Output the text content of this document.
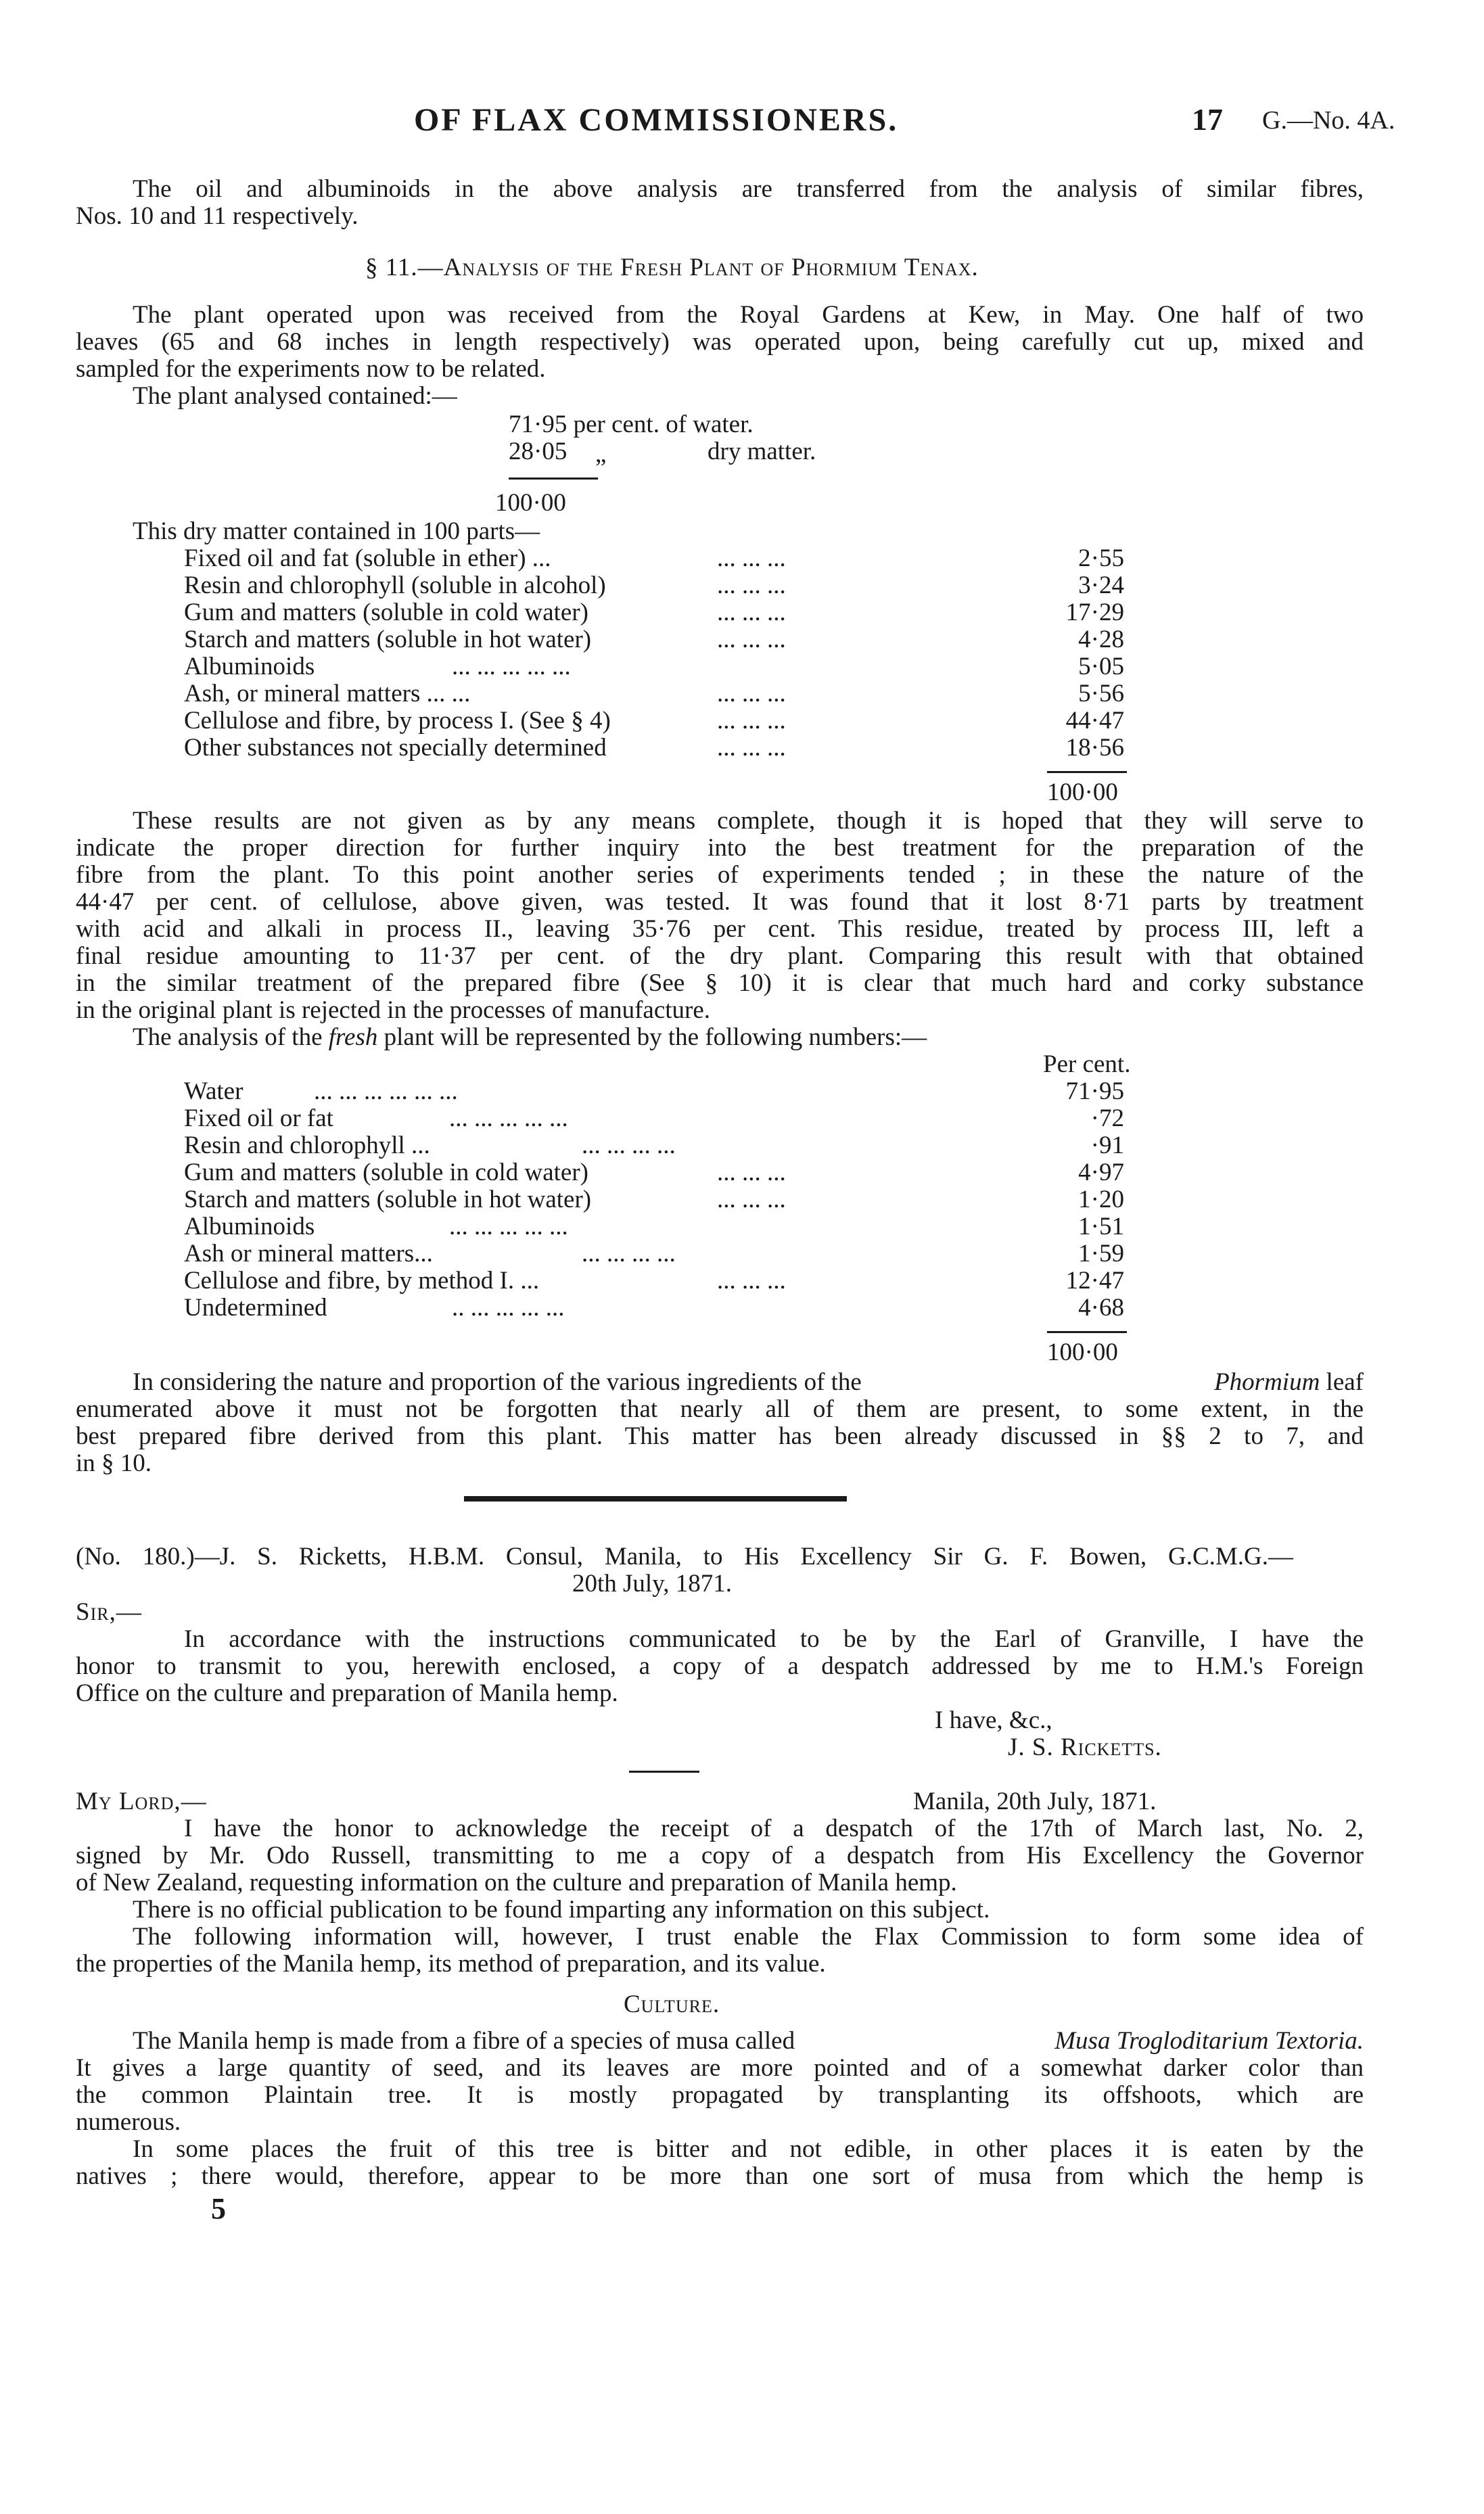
OF FLAX COMMISSIONERS.	17 G.—No. 4A.
The oil and albuminoids in the above analysis are transferred from the analysis of similar fibres,
Nos. 10 and 11 respectively.
§ 11.—Analysis of the Fresh Plant of Phormium Tenax.
The plant operated upon was received from the Royal Gardens at Kew, in May. One half of two
leaves (65 and 68 inches in length respectively) was operated upon, being carefully cut up, mixed and
sampled for the experiments now to be related.
The plant analysed contained:—
71·95 per cent. of water.
28·05 „	dry matter.
100·00
This dry matter contained in 100 parts—
Fixed oil and fat (soluble in ether) ...	... ... ...	2·55
Resin and chlorophyll (soluble in alcohol)	... ... ...	3·24
Gum and matters (soluble in cold water)	... ... ...	17·29
Starch and matters (soluble in hot water)	... ... ...	4·28
Albuminoids	... ... ... ... ...	5·05
Ash, or mineral matters ... ...	... ... ...	5·56
Cellulose and fibre, by process I. (See § 4)	... ... ...	44·47
Other substances not specially determined	... ... ...	18·56
100·00
These results are not given as by any means complete, though it is hoped that they will serve to
indicate the proper direction for further inquiry into the best treatment for the preparation of the
fibre from the plant. To this point another series of experiments tended ; in these the nature of the
44·47 per cent. of cellulose, above given, was tested. It was found that it lost 8·71 parts by treatment
with acid and alkali in process II., leaving 35·76 per cent. This residue, treated by process III, left a
final residue amounting to 11·37 per cent. of the dry plant. Comparing this result with that obtained
in the similar treatment of the prepared fibre (See § 10) it is clear that much hard and corky substance
in the original plant is rejected in the processes of manufacture.
The analysis of the fresh plant will be represented by the following numbers:—
Per cent.
Water	... ... ... ... ... ...	71·95
Fixed oil or fat	... ... ... ... ...	·72
Resin and chlorophyll ...	... ... ... ...	·91
Gum and matters (soluble in cold water)	... ... ...	4·97
Starch and matters (soluble in hot water)	... ... ...	1·20
Albuminoids	... ... ... ... ...	1·51
Ash or mineral matters...	... ... ... ...	1·59
Cellulose and fibre, by method I. ...	... ... ...	12·47
Undetermined	.. ... ... ... ...	4·68
100·00
In considering the nature and proportion of the various ingredients of the	Phormium leaf
enumerated above it must not be forgotten that nearly all of them are present, to some extent, in the
best prepared fibre derived from this plant. This matter has been already discussed in §§ 2 to 7, and
in § 10.
(No. 180.)—J. S. Ricketts, H.B.M. Consul, Manila, to His Excellency Sir G. F. Bowen, G.C.M.G.—
20th July, 1871.
Sir,—
In accordance with the instructions communicated to be by the Earl of Granville, I have the
honor to transmit to you, herewith enclosed, a copy of a despatch addressed by me to H.M.'s Foreign
Office on the culture and preparation of Manila hemp.
I have, &c.,
J. S. Ricketts.
My Lord,—	Manila, 20th July, 1871.
I have the honor to acknowledge the receipt of a despatch of the 17th of March last, No. 2,
signed by Mr. Odo Russell, transmitting to me a copy of a despatch from His Excellency the Governor
of New Zealand, requesting information on the culture and preparation of Manila hemp.
There is no official publication to be found imparting any information on this subject.
The following information will, however, I trust enable the Flax Commission to form some idea of
the properties of the Manila hemp, its method of preparation, and its value.
Culture.
The Manila hemp is made from a fibre of a species of musa called	Musa Trogloditarium Textoria.
It gives a large quantity of seed, and its leaves are more pointed and of a somewhat darker color than
the common Plaintain tree. It is mostly propagated by transplanting its offshoots, which are
numerous.
In some places the fruit of this tree is bitter and not edible, in other places it is eaten by the
natives ; there would, therefore, appear to be more than one sort of musa from which the hemp is
5
